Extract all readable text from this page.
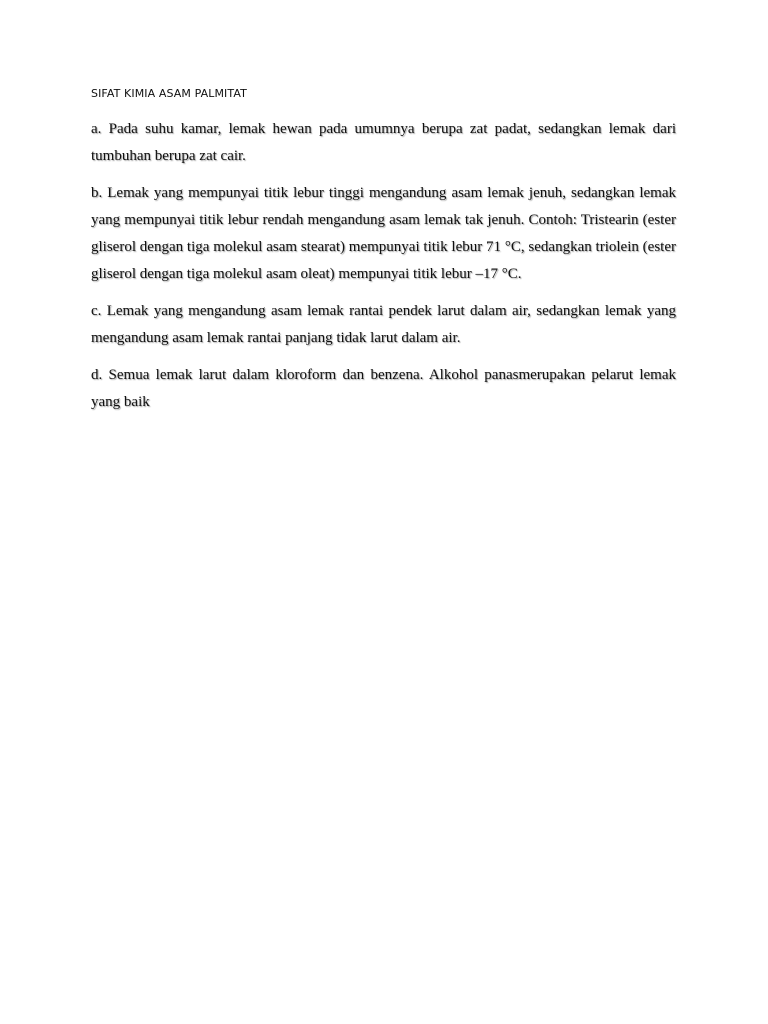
SIFAT KIMIA ASAM PALMITAT

a. Pada suhu kamar, lemak hewan pada umumnya berupa zat padat, sedangkan lemak dari tumbuhan berupa zat cair.

b. Lemak yang mempunyai titik lebur tinggi mengandung asam lemak jenuh, sedangkan lemak yang mempunyai titik lebur rendah mengandung asam lemak tak jenuh. Contoh: Tristearin (ester gliserol dengan tiga molekul asam stearat) mempunyai titik lebur 71 °C, sedangkan triolein (ester gliserol dengan tiga molekul asam oleat) mempunyai titik lebur –17 °C.

c. Lemak yang mengandung asam lemak rantai pendek larut dalam air, sedangkan lemak yang mengandung asam lemak rantai panjang tidak larut dalam air.

d. Semua lemak larut dalam kloroform dan benzena. Alkohol panasmerupakan pelarut lemak yang baik
